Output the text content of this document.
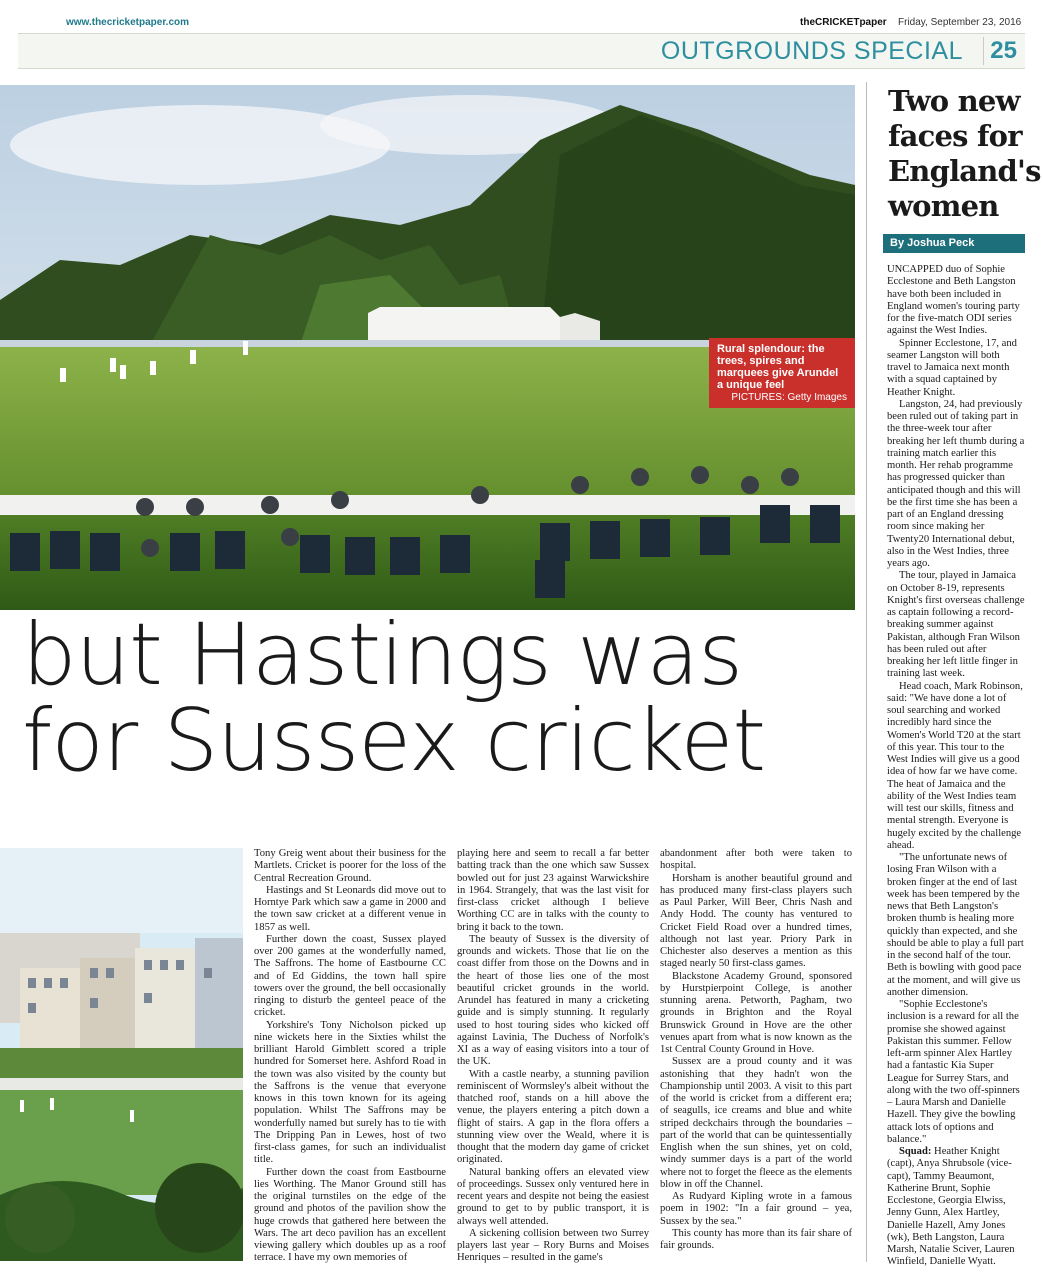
www.thecricketpaper.com	theCRICKETpaper Friday, September 23, 2016
OUTGROUNDS SPECIAL 25
Rural splendour: the trees, spires and marquees give Arundel a unique feel
PICTURES: Getty Images
but Hastings was
for Sussex cricket

Tony Greig went about their business for the Martlets. Cricket is poorer for the loss of the Central Recreation Ground.

Hastings and St Leonards did move out to Horntye Park which saw a game in 2000 and the town saw cricket at a different venue in 1857 as well.

Further down the coast, Sussex played over 200 games at the wonderfully named, The Saffrons. The home of Eastbourne CC and of Ed Giddins, the town hall spire towers over the ground, the bell occasionally ringing to disturb the genteel peace of the cricket.

Yorkshire's Tony Nicholson picked up nine wickets here in the Sixties whilst the brilliant Harold Gimblett scored a triple hundred for Somerset here. Ashford Road in the town was also visited by the county but the Saffrons is the venue that everyone knows in this town known for its ageing population. Whilst The Saffrons may be wonderfully named but surely has to tie with The Dripping Pan in Lewes, host of two first-class games, for such an individualist title.

Further down the coast from Eastbourne lies Worthing. The Manor Ground still has the original turnstiles on the edge of the ground and photos of the pavilion show the huge crowds that gathered here between the Wars. The art deco pavilion has an excellent viewing gallery which doubles up as a roof terrace. I have my own memories of

playing here and seem to recall a far better batting track than the one which saw Sussex bowled out for just 23 against Warwickshire in 1964. Strangely, that was the last visit for first-class cricket although I believe Worthing CC are in talks with the county to bring it back to the town.

The beauty of Sussex is the diversity of grounds and wickets. Those that lie on the coast differ from those on the Downs and in the heart of those lies one of the most beautiful cricket grounds in the world. Arundel has featured in many a cricketing guide and is simply stunning. It regularly used to host touring sides who kicked off against Lavinia, The Duchess of Norfolk's XI as a way of easing visitors into a tour of the UK.

With a castle nearby, a stunning pavilion reminiscent of Wormsley's albeit without the thatched roof, stands on a hill above the venue, the players entering a pitch down a flight of stairs. A gap in the flora offers a stunning view over the Weald, where it is thought that the modern day game of cricket originated.

Natural banking offers an elevated view of proceedings. Sussex only ventured here in recent years and despite not being the easiest ground to get to by public transport, it is always well attended.

A sickening collision between two Surrey players last year – Rory Burns and Moises Henriques – resulted in the game's

abandonment after both were taken to hospital.

Horsham is another beautiful ground and has produced many first-class players such as Paul Parker, Will Beer, Chris Nash and Andy Hodd. The county has ventured to Cricket Field Road over a hundred times, although not last year. Priory Park in Chichester also deserves a mention as this staged nearly 50 first-class games.

Blackstone Academy Ground, sponsored by Hurstpierpoint College, is another stunning arena. Petworth, Pagham, two grounds in Brighton and the Royal Brunswick Ground in Hove are the other venues apart from what is now known as the 1st Central County Ground in Hove.

Sussex are a proud county and it was astonishing that they hadn't won the Championship until 2003. A visit to this part of the world is cricket from a different era; of seagulls, ice creams and blue and white striped deckchairs through the boundaries – part of the world that can be quintessentially English when the sun shines, yet on cold, windy summer days is a part of the world where not to forget the fleece as the elements blow in off the Channel.

As Rudyard Kipling wrote in a famous poem in 1902: "In a fair ground – yea, Sussex by the sea."

This county has more than its fair share of fair grounds.

Two new faces for England's women
By Joshua Peck

UNCAPPED duo of Sophie Ecclestone and Beth Langston have both been included in England women's touring party for the five-match ODI series against the West Indies.

Spinner Ecclestone, 17, and seamer Langston will both travel to Jamaica next month with a squad captained by Heather Knight.

Langston, 24, had previously been ruled out of taking part in the three-week tour after breaking her left thumb during a training match earlier this month. Her rehab programme has progressed quicker than anticipated though and this will be the first time she has been a part of an England dressing room since making her Twenty20 International debut, also in the West Indies, three years ago.

The tour, played in Jamaica on October 8-19, represents Knight's first overseas challenge as captain following a record-breaking summer against Pakistan, although Fran Wilson has been ruled out after breaking her left little finger in training last week.

Head coach, Mark Robinson, said: "We have done a lot of soul searching and worked incredibly hard since the Women's World T20 at the start of this year. This tour to the West Indies will give us a good idea of how far we have come. The heat of Jamaica and the ability of the West Indies team will test our skills, fitness and mental strength. Everyone is hugely excited by the challenge ahead.

"The unfortunate news of losing Fran Wilson with a broken finger at the end of last week has been tempered by the news that Beth Langston's broken thumb is healing more quickly than expected, and she should be able to play a full part in the second half of the tour. Beth is bowling with good pace at the moment, and will give us another dimension.

"Sophie Ecclestone's inclusion is a reward for all the promise she showed against Pakistan this summer. Fellow left-arm spinner Alex Hartley had a fantastic Kia Super League for Surrey Stars, and along with the two off-spinners – Laura Marsh and Danielle Hazell. They give the bowling attack lots of options and balance."

Squad: Heather Knight (capt), Anya Shrubsole (vice-capt), Tammy Beaumont, Katherine Brunt, Sophie Ecclestone, Georgia Elwiss, Jenny Gunn, Alex Hartley, Danielle Hazell, Amy Jones (wk), Beth Langston, Laura Marsh, Natalie Sciver, Lauren Winfield, Danielle Wyatt.
